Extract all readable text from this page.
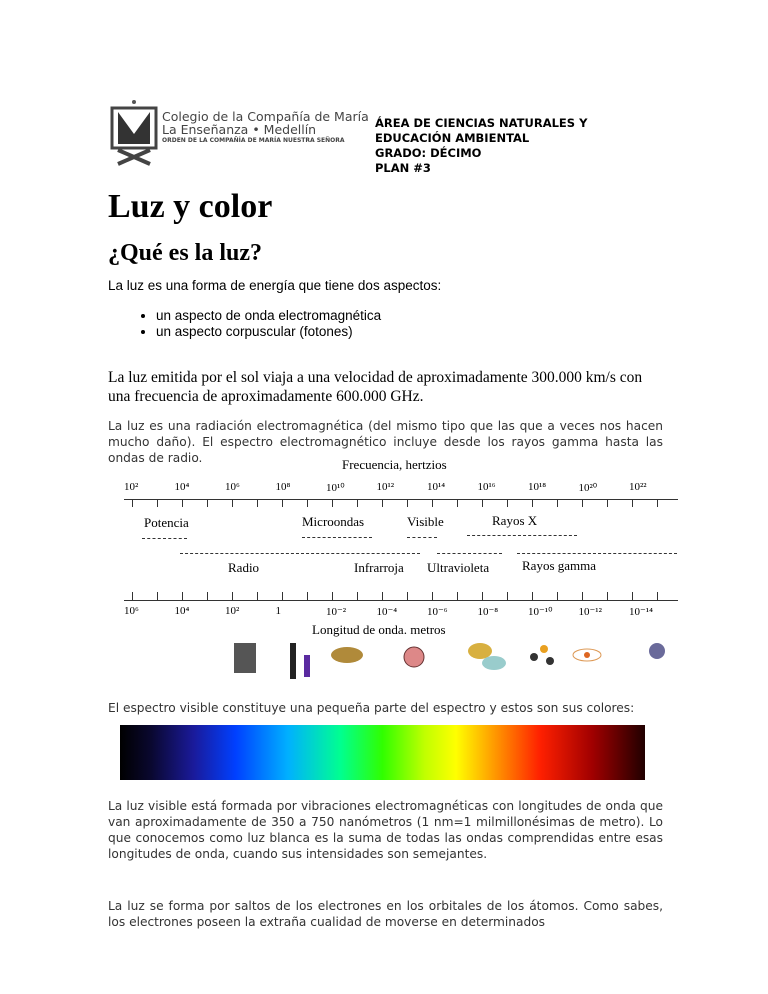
Colegio de la Compañía de María
La Enseñanza • Medellín
ORDEN DE LA COMPAÑÍA DE MARÍA NUESTRA SEÑORA
ÁREA DE CIENCIAS NATURALES Y
EDUCACIÓN AMBIENTAL
GRADO: DÉCIMO
PLAN #3
Luz y color
¿Qué es la luz?
La luz es una forma de energía que tiene dos aspectos:
• un aspecto de onda electromagnética
• un aspecto corpuscular (fotones)
La luz emitida por el sol viaja a una velocidad de aproximadamente 300.000 km/s con una frecuencia de aproximadamente 600.000 GHz.
La luz es una radiación electromagnética (del mismo tipo que las que a veces nos hacen mucho daño). El espectro electromagnético incluye desde los rayos gamma hasta las ondas de radio.	Frecuencia, hertzios
10²	10⁴	10⁶	10⁸	10¹⁰	10¹²	10¹⁴	10¹⁶	10¹⁸	10²⁰	10²²
Potencia	Microondas	Visible	Rayos X
Radio	Infrarroja Ultravioleta	Rayos gamma
10⁶	10⁴	10²	1	10⁻²	10⁻⁴	10⁻⁶	10⁻⁸	10⁻¹⁰ 10⁻¹² 10⁻¹⁴
Longitud de onda. metros
El espectro visible constituye una pequeña parte del espectro y estos son sus colores:
La luz visible está formada por vibraciones electromagnéticas con longitudes de onda que van aproximadamente de 350 a 750 nanómetros (1 nm=1 milmillonésimas de metro). Lo que conocemos como luz blanca es la suma de todas las ondas comprendidas entre esas longitudes de onda, cuando sus intensidades son semejantes.
La luz se forma por saltos de los electrones en los orbitales de los átomos. Como sabes, los electrones poseen la extraña cualidad de moverse en determinados
